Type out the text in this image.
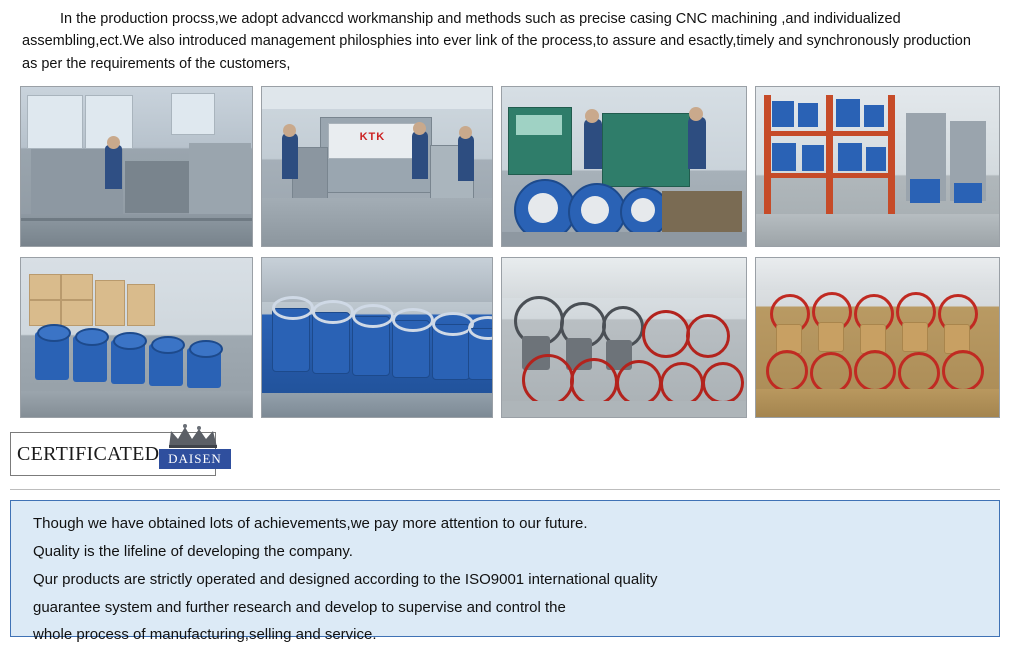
In the production procss,we adopt advanccd workmanship and methods such as precise casing CNC machining ,and individualized assembling,ect.We also introduced management philosphies into ever link of the process,to assure and esactly,timely and synchronously production as per the requirements of the customers,

KTK
CERTIFICATED DAISEN

Though we have obtained lots of achievements,we pay more attention to our future.

Quality is the lifeline of developing the company.

Qur products are strictly operated and designed according to the ISO9001 international quality

guarantee system and further research and develop to supervise and control the

whole process of manufacturing,selling and service.
